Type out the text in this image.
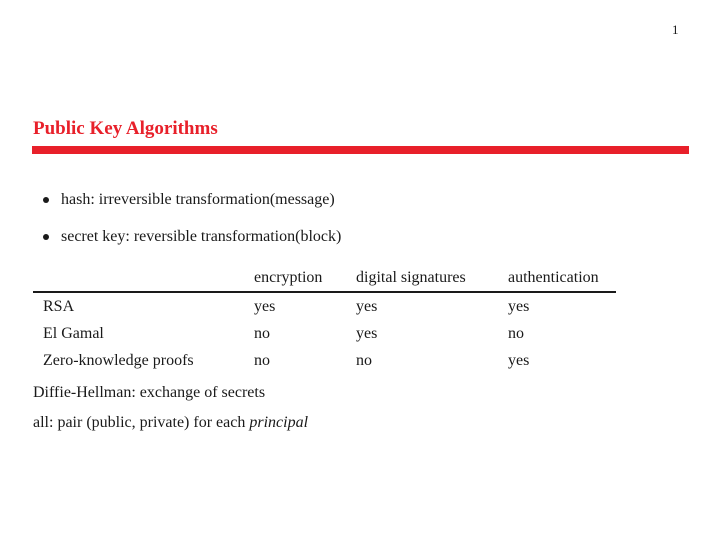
1
Public Key Algorithms
hash: irreversible transformation(message)
secret key: reversible transformation(block)
	encryption	digital signatures	authentication
RSA	yes	yes	yes
El Gamal	no	yes	no
Zero-knowledge proofs	no	no	yes

Diffie-Hellman: exchange of secrets

all: pair (public, private) for each principal
